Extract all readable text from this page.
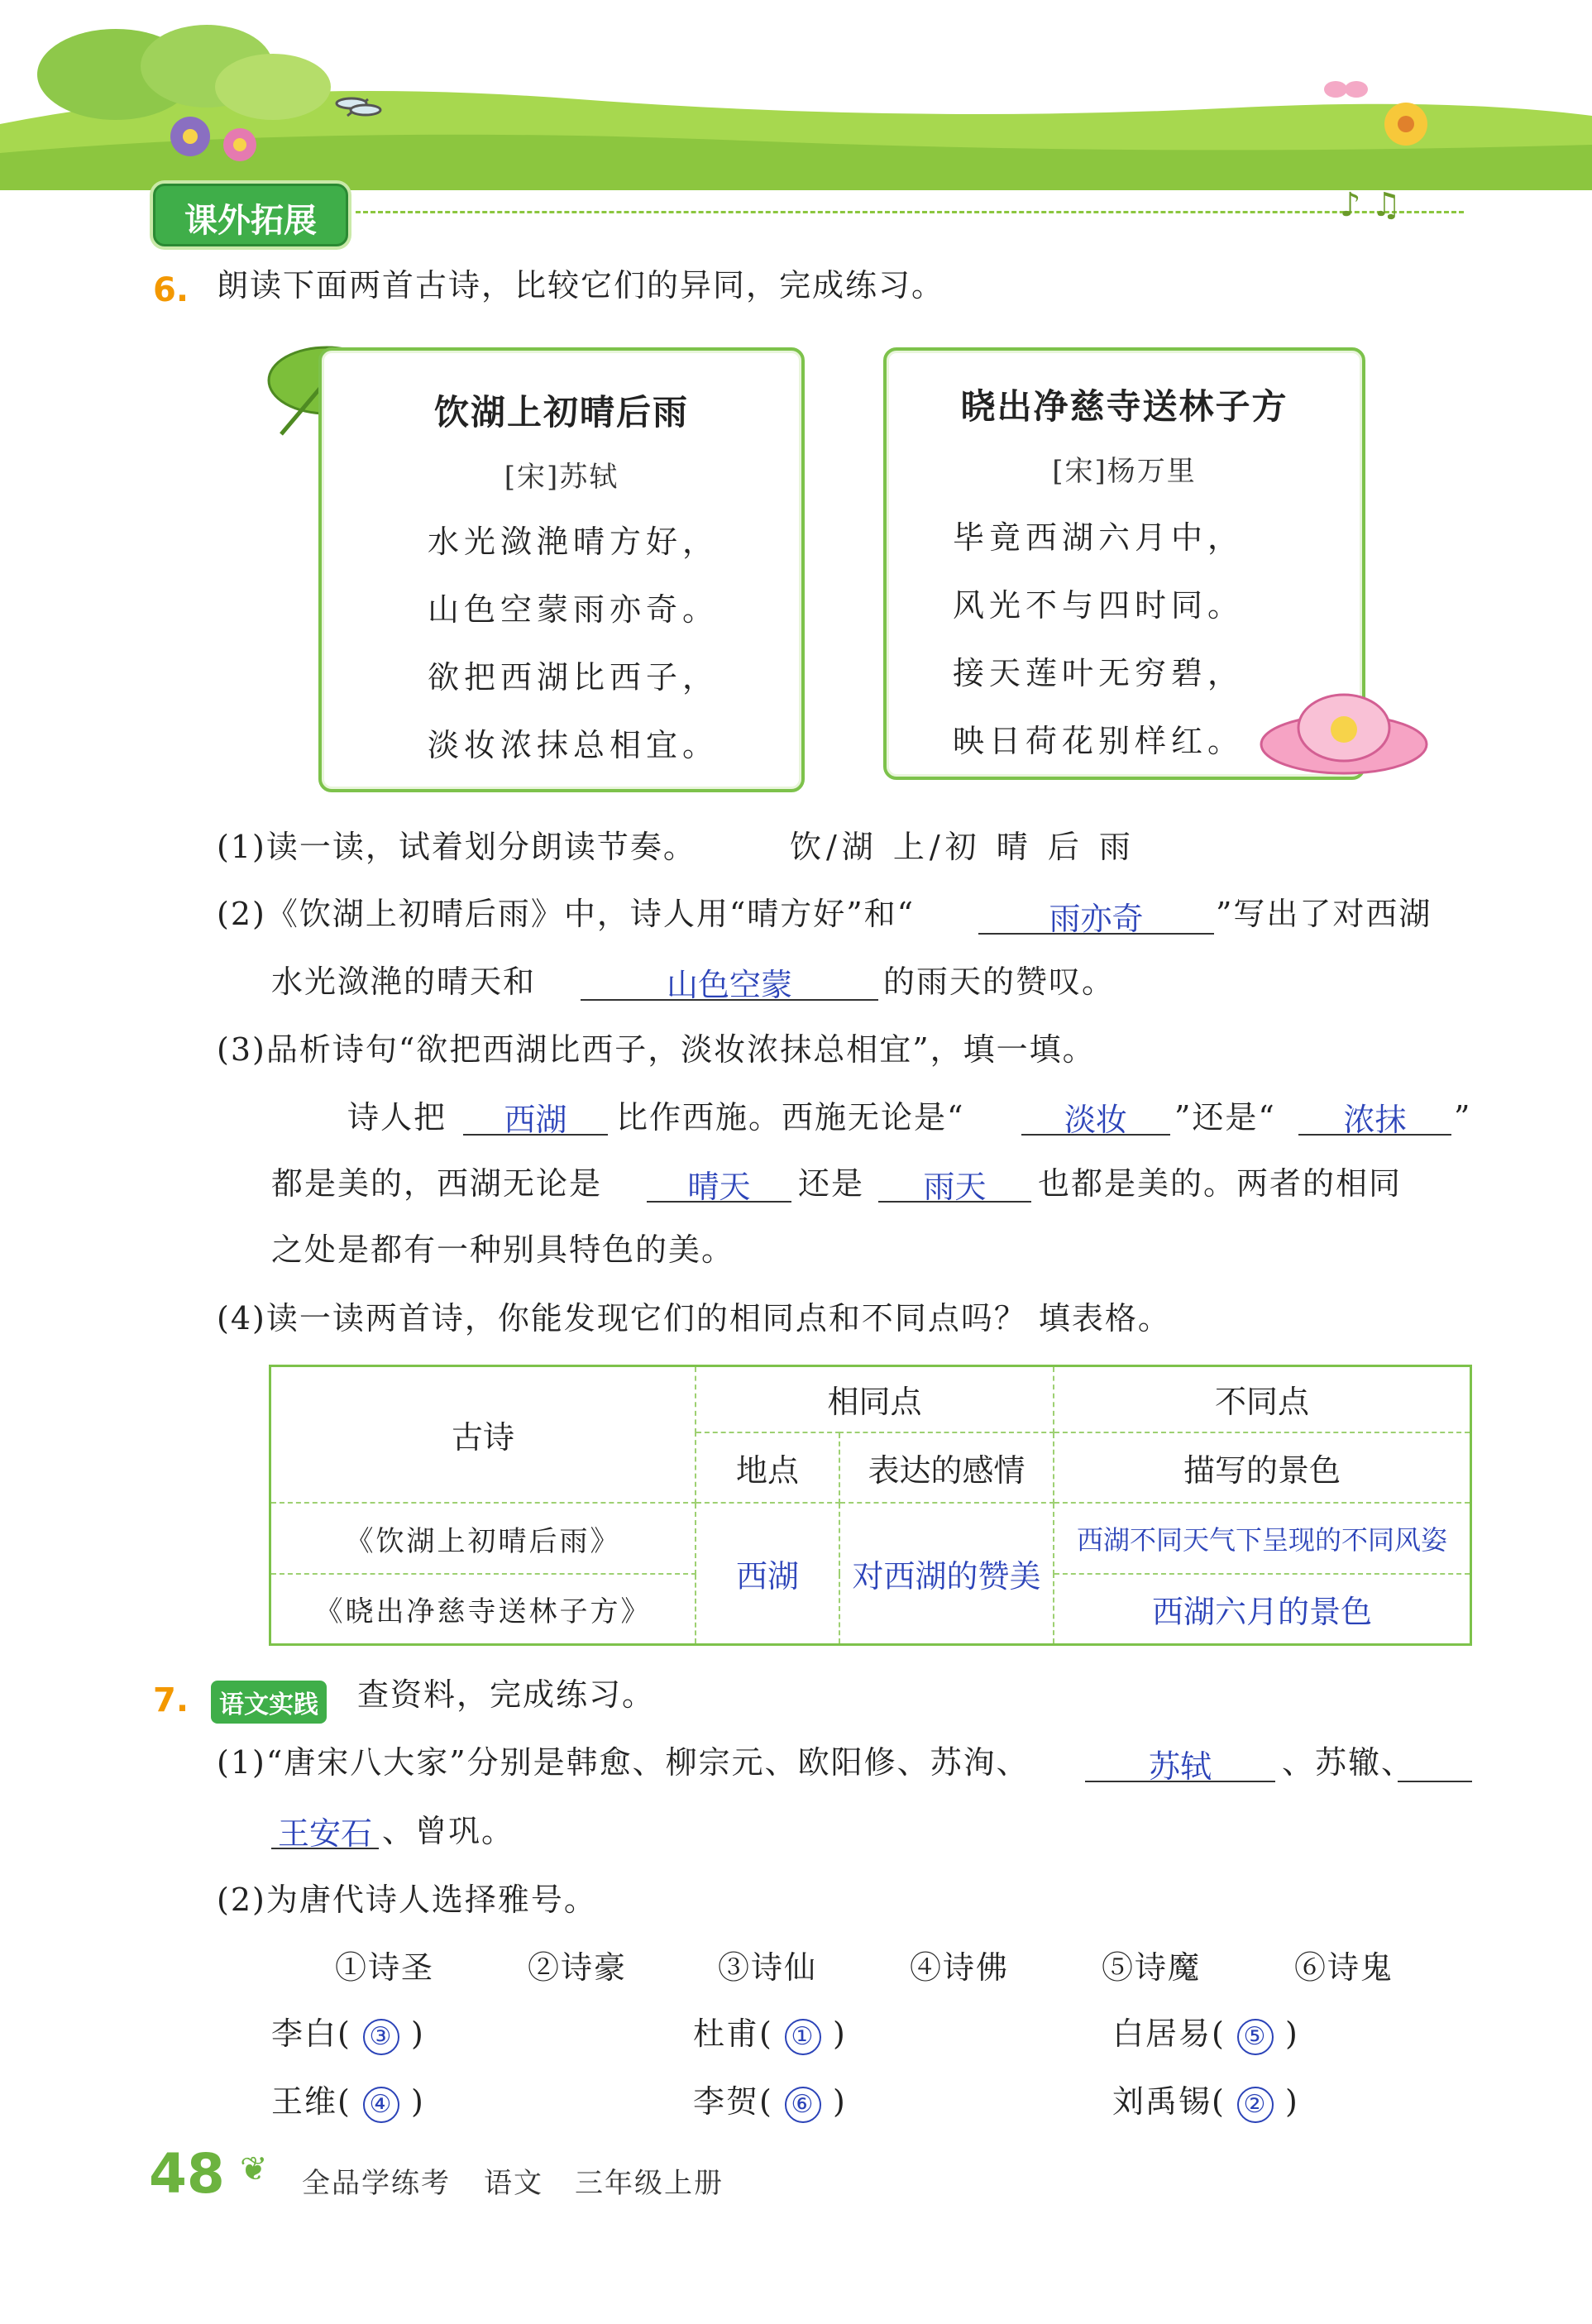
课外拓展	♪ ♫
6. 朗读下面两首古诗，比较它们的异同，完成练习。
饮湖上初晴后雨
[宋]苏轼
水光潋滟晴方好，
山色空蒙雨亦奇。
欲把西湖比西子，
淡妆浓抹总相宜。
晓出净慈寺送林子方
[宋]杨万里
毕竟西湖六月中，
风光不与四时同。
接天莲叶无穷碧，
映日荷花别样红。
(1)读一读，试着划分朗读节奏。	饮/湖 上/初 晴 后 雨
(2)《饮湖上初晴后雨》中，诗人用“晴方好”和“	雨亦奇	”写出了对西湖
水光潋滟的晴天和	山色空蒙	的雨天的赞叹。
(3)品析诗句“欲把西湖比西子，淡妆浓抹总相宜”，填一填。
诗人把	西湖	比作西施。西施无论是“	淡妆	”还是“	浓抹	”
都是美的，西湖无论是	晴天	还是	雨天	也都是美的。两者的相同
之处是都有一种别具特色的美。
(4)读一读两首诗，你能发现它们的相同点和不同点吗？ 填表格。
古诗	相同点		不同点
	地点	表达的感情	描写的景色
《饮湖上初晴后雨》	西湖	对西湖的赞美	西湖不同天气下呈现的不同风姿
《晓出净慈寺送林子方》			西湖六月的景色
7.	语文实践 查资料，完成练习。
(1)“唐宋八大家”分别是韩愈、柳宗元、欧阳修、苏洵、	苏轼	、苏辙、
王安石 、曾巩。
(2)为唐代诗人选择雅号。
①诗圣	②诗豪	③诗仙	④诗佛	⑤诗魔	⑥诗鬼
李白( ③ )	杜甫( ① )	白居易( ⑤ )
王维( ④ )	李贺( ⑥ )	刘禹锡( ② )
48 ❦ 全品学练考 语文 三年级上册
